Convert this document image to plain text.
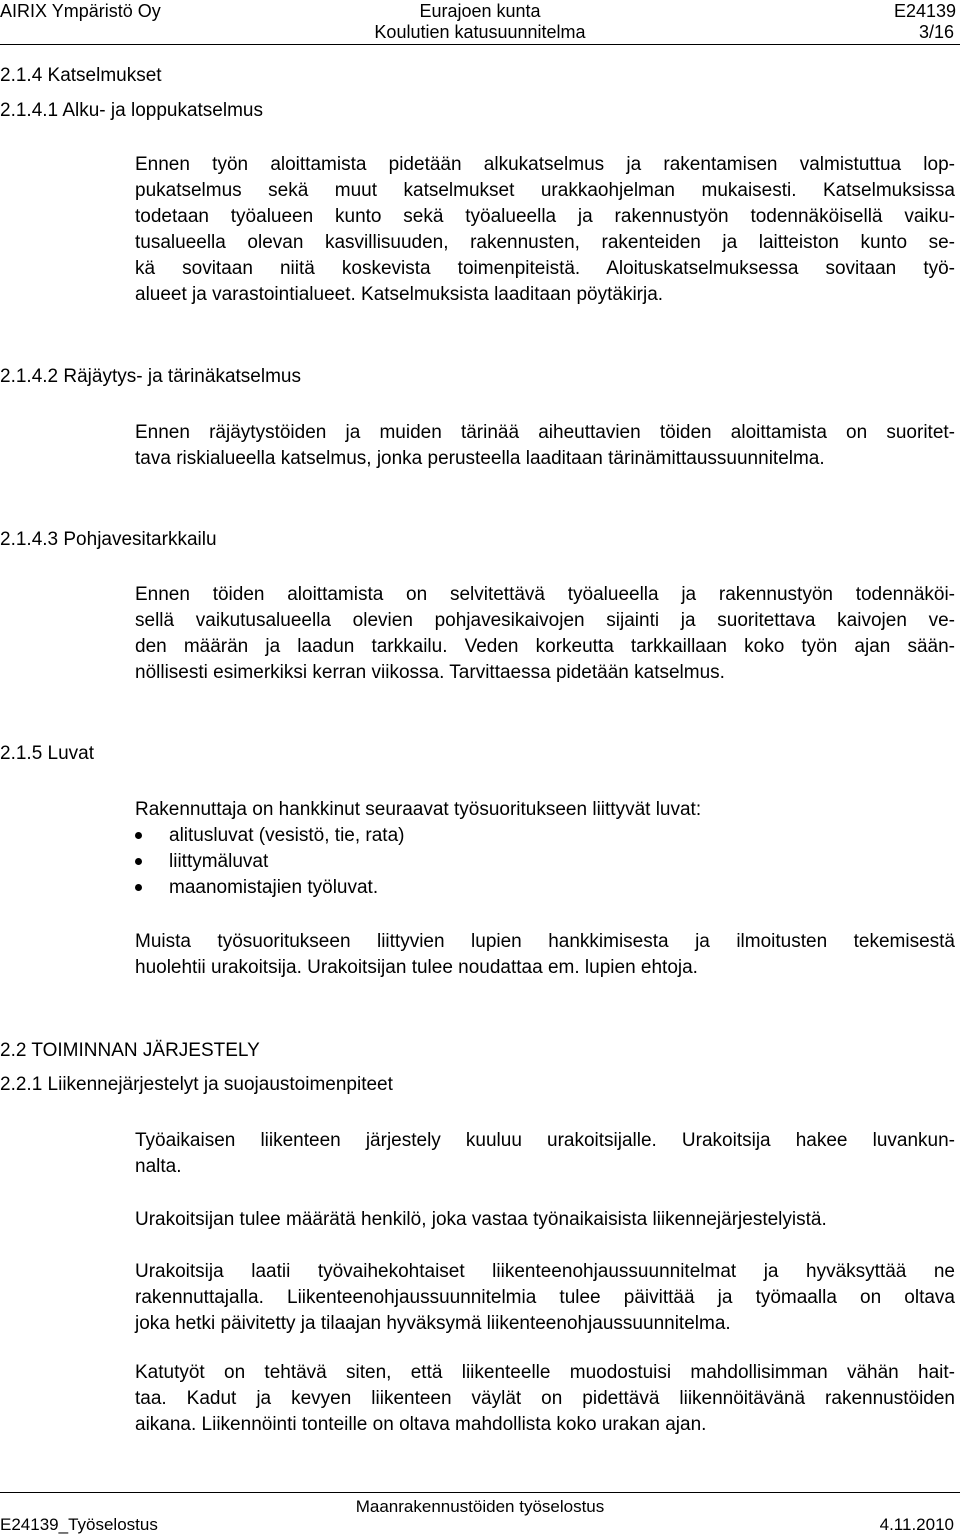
AIRIX Ympäristö Oy	Eurajoen kunta	E24139
Koulutien katusuunnitelma	3/16
2.1.4 Katselmukset
2.1.4.1 Alku- ja loppukatselmus
Ennen työn aloittamista pidetään alkukatselmus ja rakentamisen valmistuttua lop-
pukatselmus sekä muut katselmukset urakkaohjelman mukaisesti. Katselmuksissa
todetaan työalueen kunto sekä työalueella ja rakennustyön todennäköisellä vaiku-
tusalueella olevan kasvillisuuden, rakennusten, rakenteiden ja laitteiston kunto se-
kä sovitaan niitä koskevista toimenpiteistä. Aloituskatselmuksessa sovitaan työ-
alueet ja varastointialueet. Katselmuksista laaditaan pöytäkirja.
2.1.4.2 Räjäytys- ja tärinäkatselmus
Ennen räjäytystöiden ja muiden tärinää aiheuttavien töiden aloittamista on suoritet-
tava riskialueella katselmus, jonka perusteella laaditaan tärinämittaussuunnitelma.
2.1.4.3 Pohjavesitarkkailu
Ennen töiden aloittamista on selvitettävä työalueella ja rakennustyön todennäköi-
sellä vaikutusalueella olevien pohjavesikaivojen sijainti ja suoritettava kaivojen ve-
den määrän ja laadun tarkkailu. Veden korkeutta tarkkaillaan koko työn ajan sään-
nöllisesti esimerkiksi kerran viikossa. Tarvittaessa pidetään katselmus.
2.1.5 Luvat
Rakennuttaja on hankkinut seuraavat työsuoritukseen liittyvät luvat:
alitusluvat (vesistö, tie, rata)
liittymäluvat
maanomistajien työluvat.
Muista työsuoritukseen liittyvien lupien hankkimisesta ja ilmoitusten tekemisestä
huolehtii urakoitsija. Urakoitsijan tulee noudattaa em. lupien ehtoja.
2.2 TOIMINNAN JÄRJESTELY
2.2.1 Liikennejärjestelyt ja suojaustoimenpiteet
Työaikaisen liikenteen järjestely kuuluu urakoitsijalle. Urakoitsija hakee luvankun-
nalta.
Urakoitsijan tulee määrätä henkilö, joka vastaa työnaikaisista liikennejärjestelyistä.
Urakoitsija laatii työvaihekohtaiset liikenteenohjaussuunnitelmat ja hyväksyttää ne
rakennuttajalla. Liikenteenohjaussuunnitelmia tulee päivittää ja työmaalla on oltava
joka hetki päivitetty ja tilaajan hyväksymä liikenteenohjaussuunnitelma.
Katutyöt on tehtävä siten, että liikenteelle muodostuisi mahdollisimman vähän hait-
taa. Kadut ja kevyen liikenteen väylät on pidettävä liikennöitävänä rakennustöiden
aikana. Liikennöinti tonteille on oltava mahdollista koko urakan ajan.
Maanrakennustöiden työselostus
E24139_Työselostus	4.11.2010
